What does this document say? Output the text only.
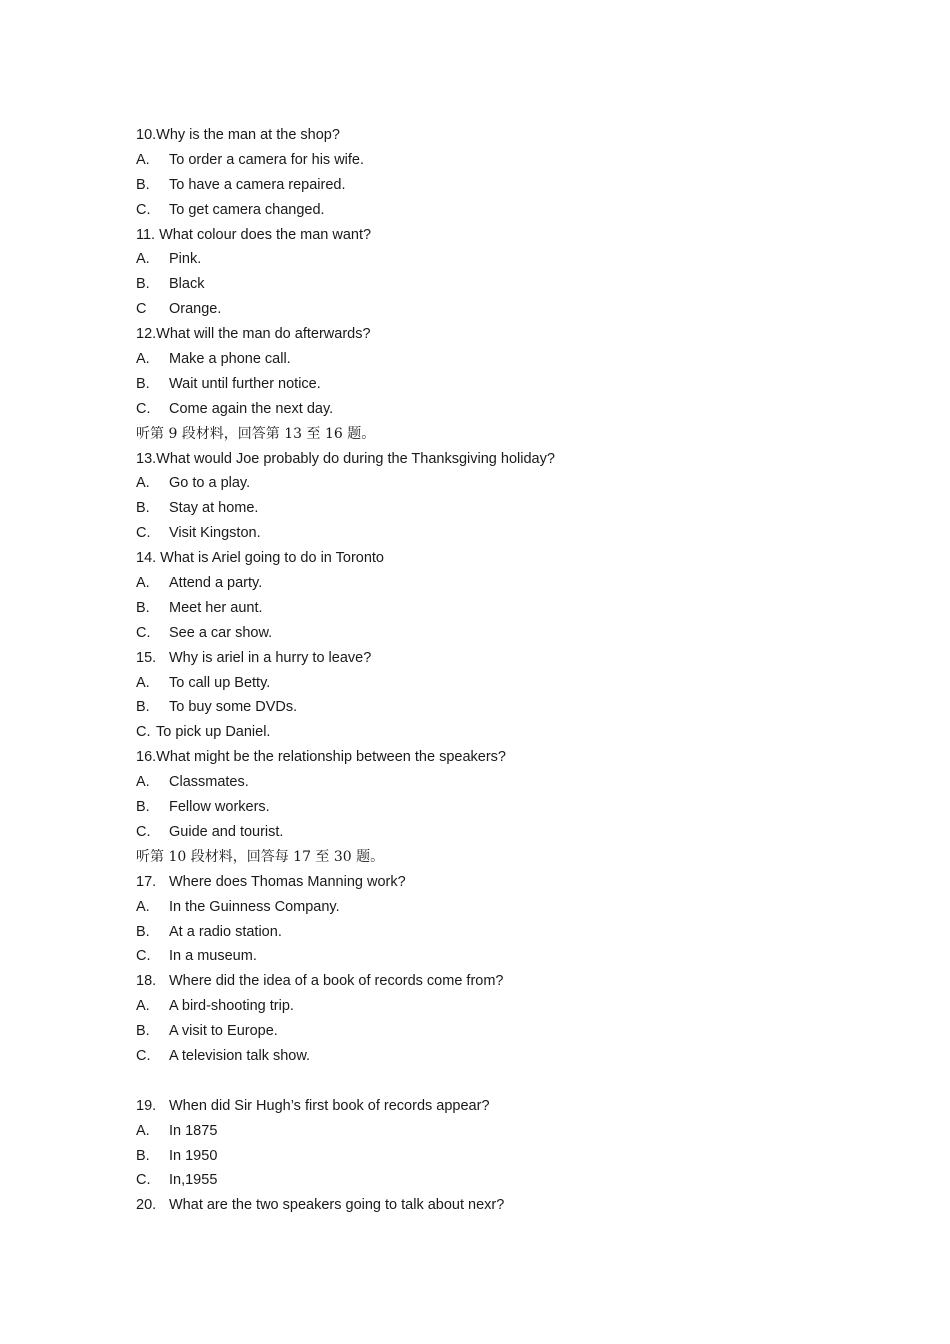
10.Why is the man at the shop?
A.	To order a camera for his wife.
B.	To have a camera repaired.
C.	To get camera changed.
11. What colour does the man want?
A.	Pink.
B.	Black
C	Orange.
12.What will the man do afterwards?
A.	Make a phone call.
B.	Wait until further notice.
C.	Come again the next day.
听第 9 段材料，回答第 13 至 16 题。
13.What would Joe probably do during the Thanksgiving holiday?
A.	Go to a play.
B.	Stay at home.
C.	Visit Kingston.
14. What is Ariel going to do in Toronto
A.	Attend a party.
B.	Meet her aunt.
C.	See a car show.
15. Why is ariel in a hurry to leave?
A.	To call up Betty.
B.	To buy some DVDs.
C. To pick up Daniel.
16.What might be the relationship between the speakers?
A.	Classmates.
B.	Fellow workers.
C.	Guide and tourist.
听第 10 段材料，回答每 17 至 30 题。
17. Where does Thomas Manning work?
A.	In the Guinness Company.
B.	At a radio station.
C.	In a museum.
18. Where did the idea of a book of records come from?
A.	A bird-shooting trip.
B.	A visit to Europe.
C.	A television talk show.
19. When did Sir Hugh’s first book of records appear?
A.	In 1875
B.	In 1950
C.	In,1955
20. What are the two speakers going to talk about nexr?
